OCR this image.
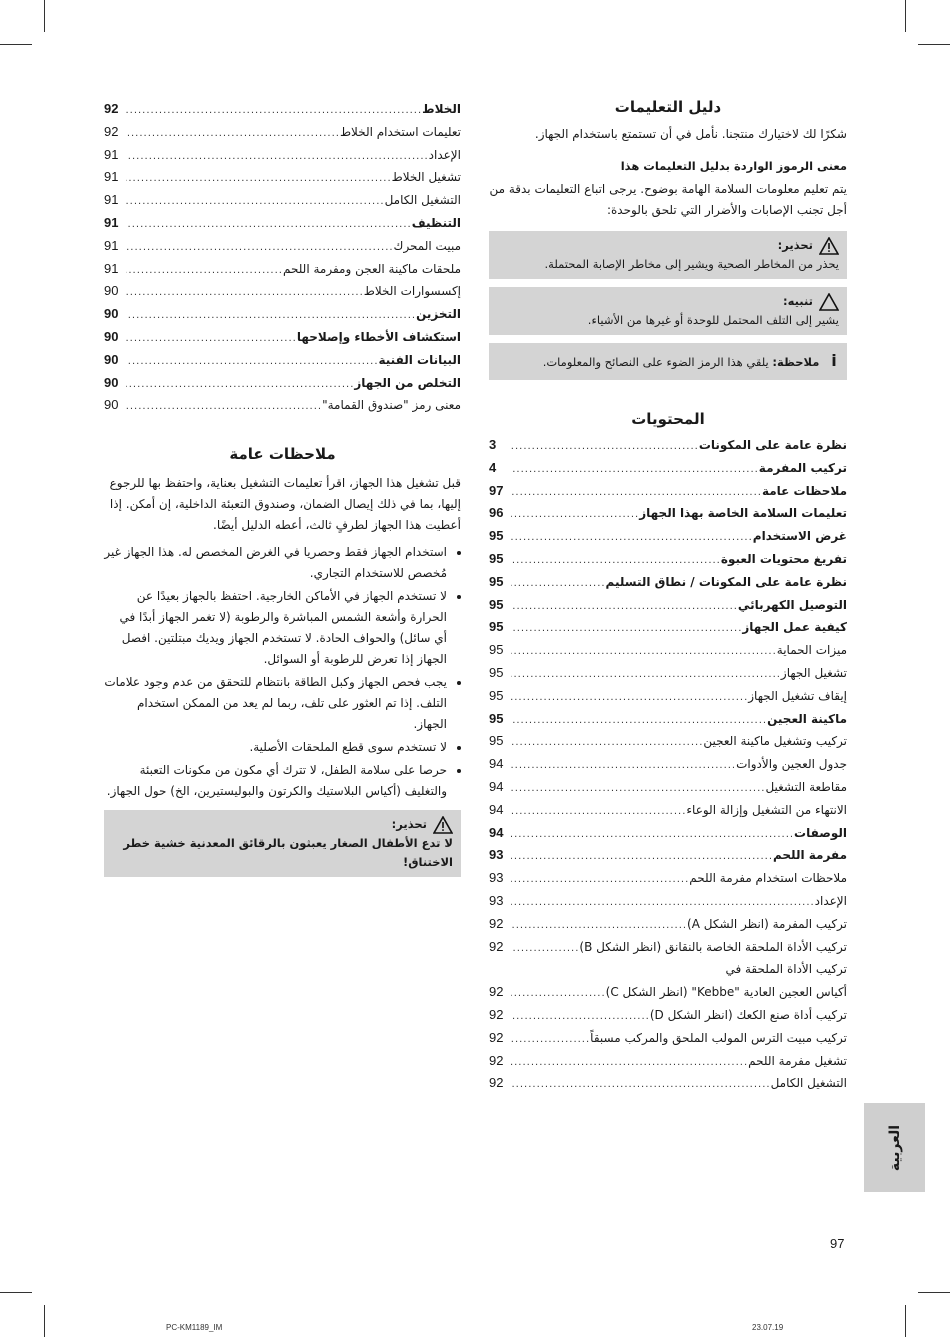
دليل التعليمات

شكرًا لك لاختيارك منتجنا. نأمل في أن تستمتع باستخدام الجهاز.

معنى الرموز الواردة بدليل التعليمات هذا

يتم تعليم معلومات السلامة الهامة بوضوح. يرجى اتباع التعليمات بدقة من أجل تجنب الإصابات والأضرار التي تلحق بالوحدة:

تحذير:
يحذر من المخاطر الصحية ويشير إلى مخاطر الإصابة المحتملة.
تنبيه:
يشير إلى التلف المحتمل للوحدة أو غيرها من الأشياء.
i ملاحظة: يلقي هذا الرمز الضوء على النصائح والمعلومات.
المحتويات
نظرة عامة على المكونات
.....
3
تركيب المفرمة
.....
4
ملاحظات عامة
.....
97
تعليمات السلامة الخاصة بهذا الجهاز
.....
96
غرض الاستخدام
.....
95
تفريغ محتويات العبوة
.....
95
نظرة عامة على المكونات / نطاق التسليم
.....
95
التوصيل الكهربائي
.....
95
كيفية عمل الجهاز
.....
95
ميزات الحماية
.....
95
تشغيل الجهاز
.....
95
إيقاف تشغيل الجهاز
.....
95
ماكينة العجين
.....
95
تركيب وتشغيل ماكينة العجين
.....
95
جدول العجين والأدوات
.....
94
مقاطعة التشغيل
.....
94
الانتهاء من التشغيل وإزالة الوعاء
.....
94
الوصفات
.....
94
مفرمة اللحم
.....
93
ملاحظات استخدام مفرمة اللحم
.....
93
الإعداد
.....
93
تركيب المفرمة (انظر الشكل A)
.....
92
تركيب الأداة الملحقة الخاصة بالنقانق (انظر الشكل B)
.....
92
تركيب الأداة الملحقة في
أكياس العجين العادية "Kebbe" (انظر الشكل C)
.....
92
تركيب أداة صنع الكعك (انظر الشكل D)
.....
92
تركيب مبيت الترس المولب الملحق والمركب مسبقاً
.....
92
تشغيل مفرمة اللحم
.....
92
التشغيل الكامل
.....
92
الخلاط
.....
92
تعليمات استخدام الخلاط
.....
92
الإعداد
.....
91
تشغيل الخلاط
.....
91
التشغيل الكامل
.....
91
التنظيف
.....
91
مبيت المحرك
.....
91
ملحقات ماكينة العجن ومفرمة اللحم
.....
91
إكسسوارات الخلاط
.....
90
التخزين
.....
90
استكشاف الأخطاء وإصلاحها
.....
90
البيانات الفنية
.....
90
التخلص من الجهاز
.....
90
معنى رمز "صندوق القمامة"
.....
90
ملاحظات عامة

قبل تشغيل هذا الجهاز، اقرأ تعليمات التشغيل بعناية، واحتفظ بها للرجوع إليها، بما في ذلك إيصال الضمان، وصندوق التعبئة الداخلية، إن أمكن. إذا أعطيت هذا الجهاز لطرفٍ ثالث، أعطه الدليل أيضًا.

• استخدام الجهاز فقط وحصريا في الغرض المخصص له. هذا الجهاز غير مُخصص للاستخدام التجاري.
• لا تستخدم الجهاز في الأماكن الخارجية. احتفظ بالجهاز بعيدًا عن الحرارة وأشعة الشمس المباشرة والرطوبة (لا تغمر الجهاز أبدًا في أي سائل) والحواف الحادة. لا تستخدم الجهاز ويديك مبتلتين. افصل الجهاز إذا تعرض للرطوبة أو السوائل.
• يجب فحص الجهاز وكبل الطاقة بانتظام للتحقق من عدم وجود علامات التلف. إذا تم العثور على تلف، ربما لم يعد من الممكن استخدام الجهاز.
• لا تستخدم سوى قطع الملحقات الأصلية.
• حرصا على سلامة الطفل، لا تترك أي مكون من مكونات التعبئة والتغليف (أكياس البلاستيك والكرتون والبوليستيرين، الخ) حول الجهاز.
تحذير:
لا تدع الأطفال الصغار يعبثون بالرقائق المعدنية خشية خطر الاختناق!
العربية
97
PC-KM1189_IM	23.07.19
